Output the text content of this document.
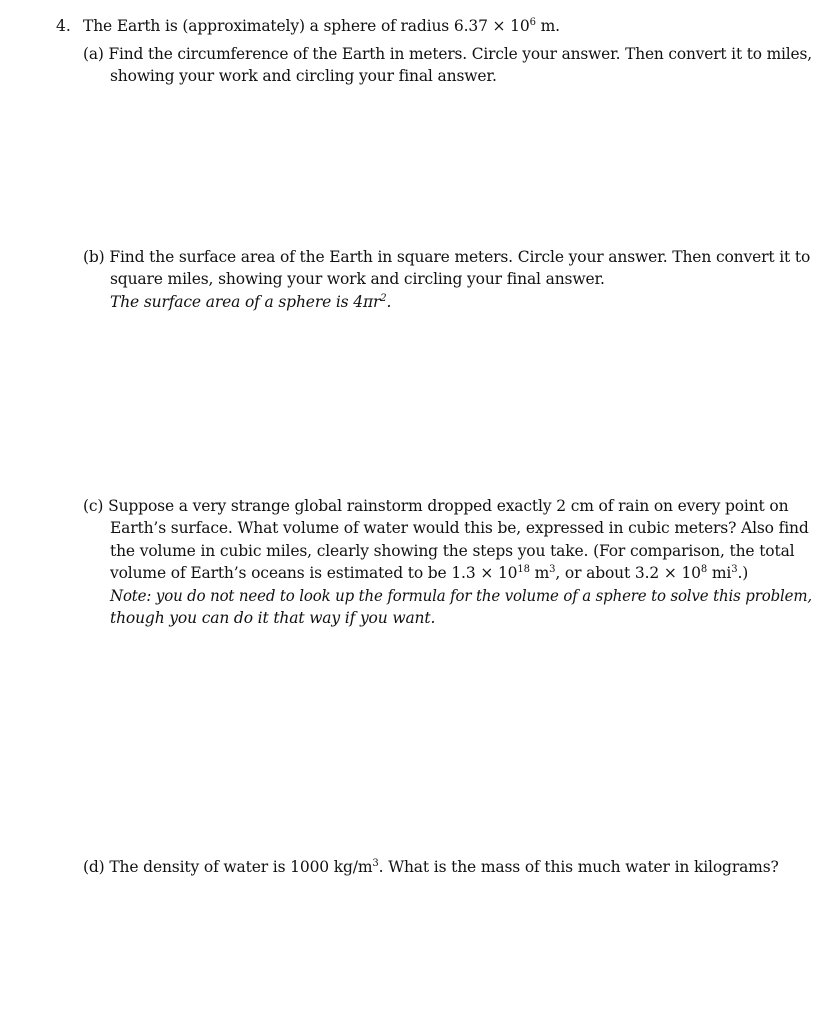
4. The Earth is (approximately) a sphere of radius $6.37 \times 10^6$ m.
(a) Find the circumference of the Earth in meters. Circle your answer. Then convert it to miles,
showing your work and circling your final answer.
(b) Find the surface area of the Earth in square meters. Circle your answer. Then convert it to
square miles, showing your work and circling your final answer.
The surface area of a sphere is $4\pi r^2$.
(c) Suppose a very strange global rainstorm dropped exactly 2 cm of rain on every point on
Earth’s surface. What volume of water would this be, expressed in cubic meters? Also find
the volume in cubic miles, clearly showing the steps you take. (For comparison, the total
volume of Earth’s oceans is estimated to be $1.3 \times 10^{18}$ $m^3$, or about $3.2 \times 10^8$ $mi^3$.)
Note: you do not need to look up the formula for the volume of a sphere to solve this problem,
though you can do it that way if you want.
(d) The density of water is 1000 $kg/m^3$. What is the mass of this much water in kilograms?
